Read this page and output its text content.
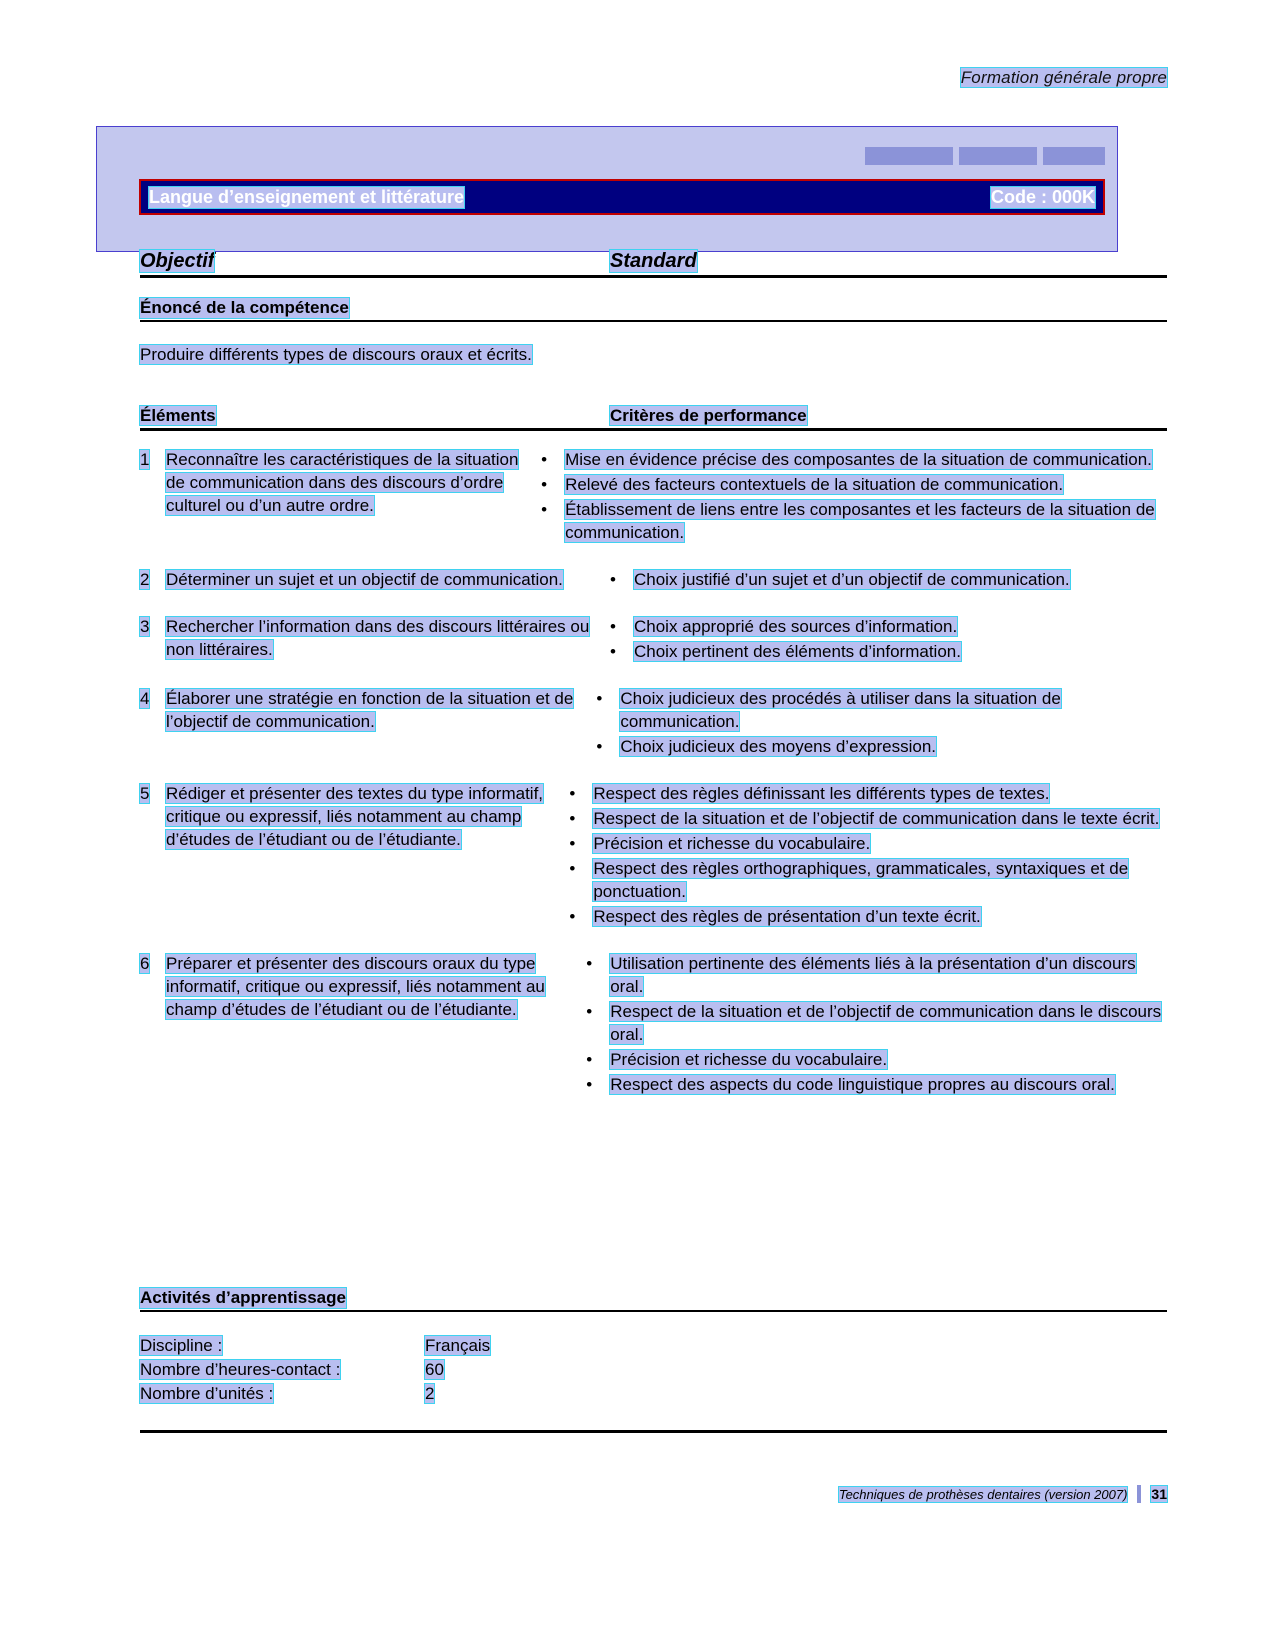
Formation générale propre
Langue d’enseignement et littérature	Code : 000K
Objectif	Standard
Énoncé de la compétence
Produire différents types de discours oraux et écrits.
Éléments	Critères de performance
1 Reconnaître les caractéristiques de la situation de communication dans des discours d’ordre culturel ou d’un autre ordre.
•	Mise en évidence précise des composantes de la situation de communication.
•	Relevé des facteurs contextuels de la situation de communication.
•	Établissement de liens entre les composantes et les facteurs de la situation de communication.
2 Déterminer un sujet et un objectif de communication.	•	Choix justifié d’un sujet et d’un objectif de communication.
3 Rechercher l’information dans des discours littéraires ou non littéraires.
•	Choix approprié des sources d’information.
•	Choix pertinent des éléments d’information.
4 Élaborer une stratégie en fonction de la situation et de l’objectif de communication.
•	Choix judicieux des procédés à utiliser dans la situation de communication.
•	Choix judicieux des moyens d’expression.
5 Rédiger et présenter des textes du type informatif, critique ou expressif, liés notamment au champ d’études de l’étudiant ou de l’étudiante.
•	Respect des règles définissant les différents types de textes.
•	Respect de la situation et de l’objectif de communication dans le texte écrit.
•	Précision et richesse du vocabulaire.
•	Respect des règles orthographiques, grammaticales, syntaxiques et de ponctuation.
•	Respect des règles de présentation d’un texte écrit.
6 Préparer et présenter des discours oraux du type informatif, critique ou expressif, liés notamment au champ d’études de l’étudiant ou de l’étudiante.
•	Utilisation pertinente des éléments liés à la présentation d’un discours oral.
•	Respect de la situation et de l’objectif de communication dans le discours oral.
•	Précision et richesse du vocabulaire.
•	Respect des aspects du code linguistique propres au discours oral.
Activités d’apprentissage
Discipline :	Français
Nombre d’heures-contact :	60
Nombre d’unités :	2
Techniques de prothèses dentaires (version 2007) 31
